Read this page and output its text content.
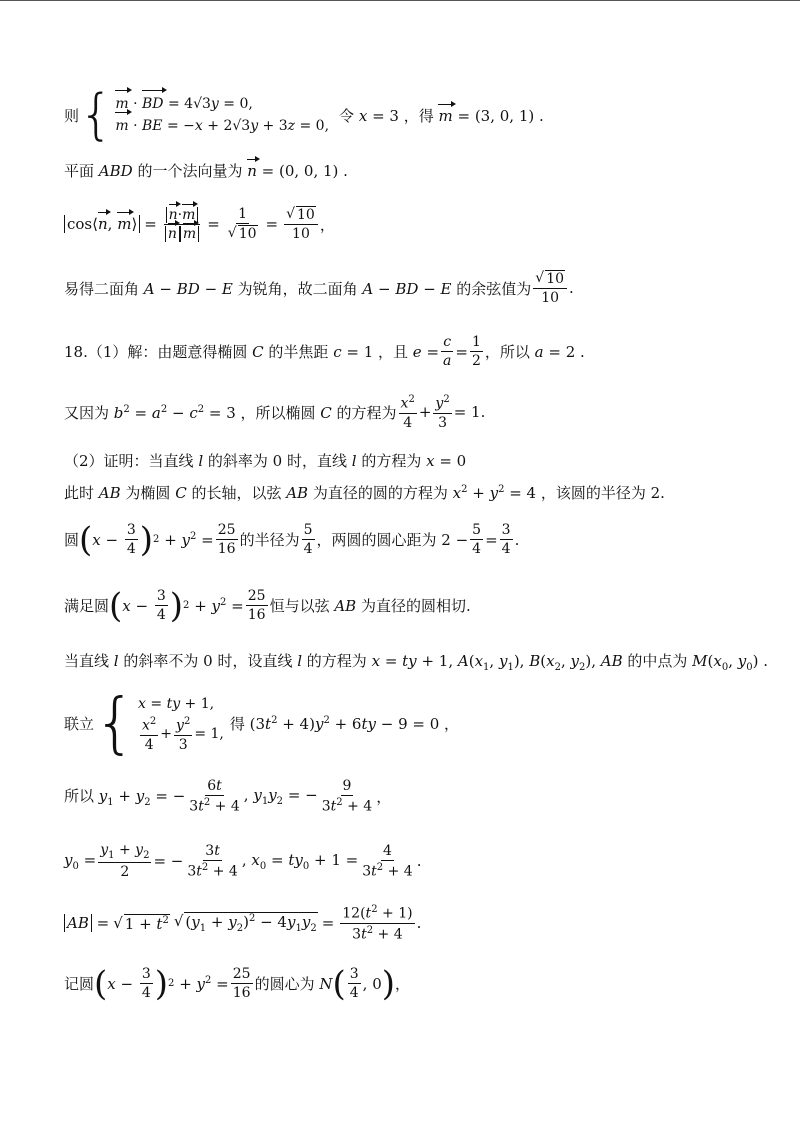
则 { m · BD = 4√3y = 0,
m · BE = −x + 2√3y + 3z = 0,
令 x = 3 ，得 m = (3, 0, 1) .
平面 ABD 的一个法向量为 n = (0, 0, 1) .
cos⟨n, m⟩ = $\frac{n\cdot m}{\text{n m}} = \frac{1}{√ 10} = \frac{√ 10}{10}$ ，
易得二面角 A − BD − E 为锐角，故二面角 A − BD − E 的余弦值为 $\frac{√ 10}{10}$ .
18.（1）解：由题意得椭圆 C 的半焦距 c = 1 ，且 $e = \frac{c}{a} = \frac{1}{2}$ ，所以 a = 2 .
又因为 $b^2 = a^2 - c^2 = 3$ ，所以椭圆 C 的方程为 $\frac{x^2}{4} + \frac{y^2}{3} = 1$.
（2）证明：当直线 l 的斜率为 0 时，直线 l 的方程为 x = 0
此时 AB 为椭圆 C 的长轴，以弦 AB 为直径的圆的方程为 $x^2 + y^2 = 4$ ，该圆的半径为 2.
圆 ( $x - \frac{3}{4}$ ) $2 + y^2 = \frac{25}{16}$ 的半径为 $\frac{5}{4}$ ，两圆的圆心距为 $2 - \frac{5}{4} = \frac{3}{4}$ .
满足圆 ( $x - \frac{3}{4}$ ) $2 + y^2 = \frac{25}{16}$ 恒与以弦 AB 为直径的圆相切.
当直线 l 的斜率不为 0 时，设直线 l 的方程为 x = ty + 1, $A(x_1$, $y_1$), $B(x_2$, $y_2$), AB 的中点为 $M(x_0$, $y_0$) .
联立 { x = ty + 1,
$\frac{x^2}{4} + \frac{y^2}{3} = 1$,
得 $(3t^2 + 4)y^2 + 6ty - 9 = 0$ ，
所以 $y_1 + y_2$ = − $\frac{6t}{3t^2 + 4}$ , $y_1y_2$ = − $\frac{9}{3t^2 + 4}$ ，
$y_0 = \frac{y_1 + y_2}{2}$ = − $\frac{3t}{3t^2 + 4}$ , $x_0 = ty_0 + 1 = \frac{4}{3t^2 + 4}$ .
AB = √ $1 + t^2$ √ $(y_1 + y_2)^2 - 4y_1y_2 = \frac{12(t^2 + 1)}{3t^2 + 4}$ .
记圆 ( $x - \frac{3}{4}$ ) $2 + y^2 = \frac{25}{16}$ 的圆心为 N ( $\frac{3}{4}$ , 0 ) ，
